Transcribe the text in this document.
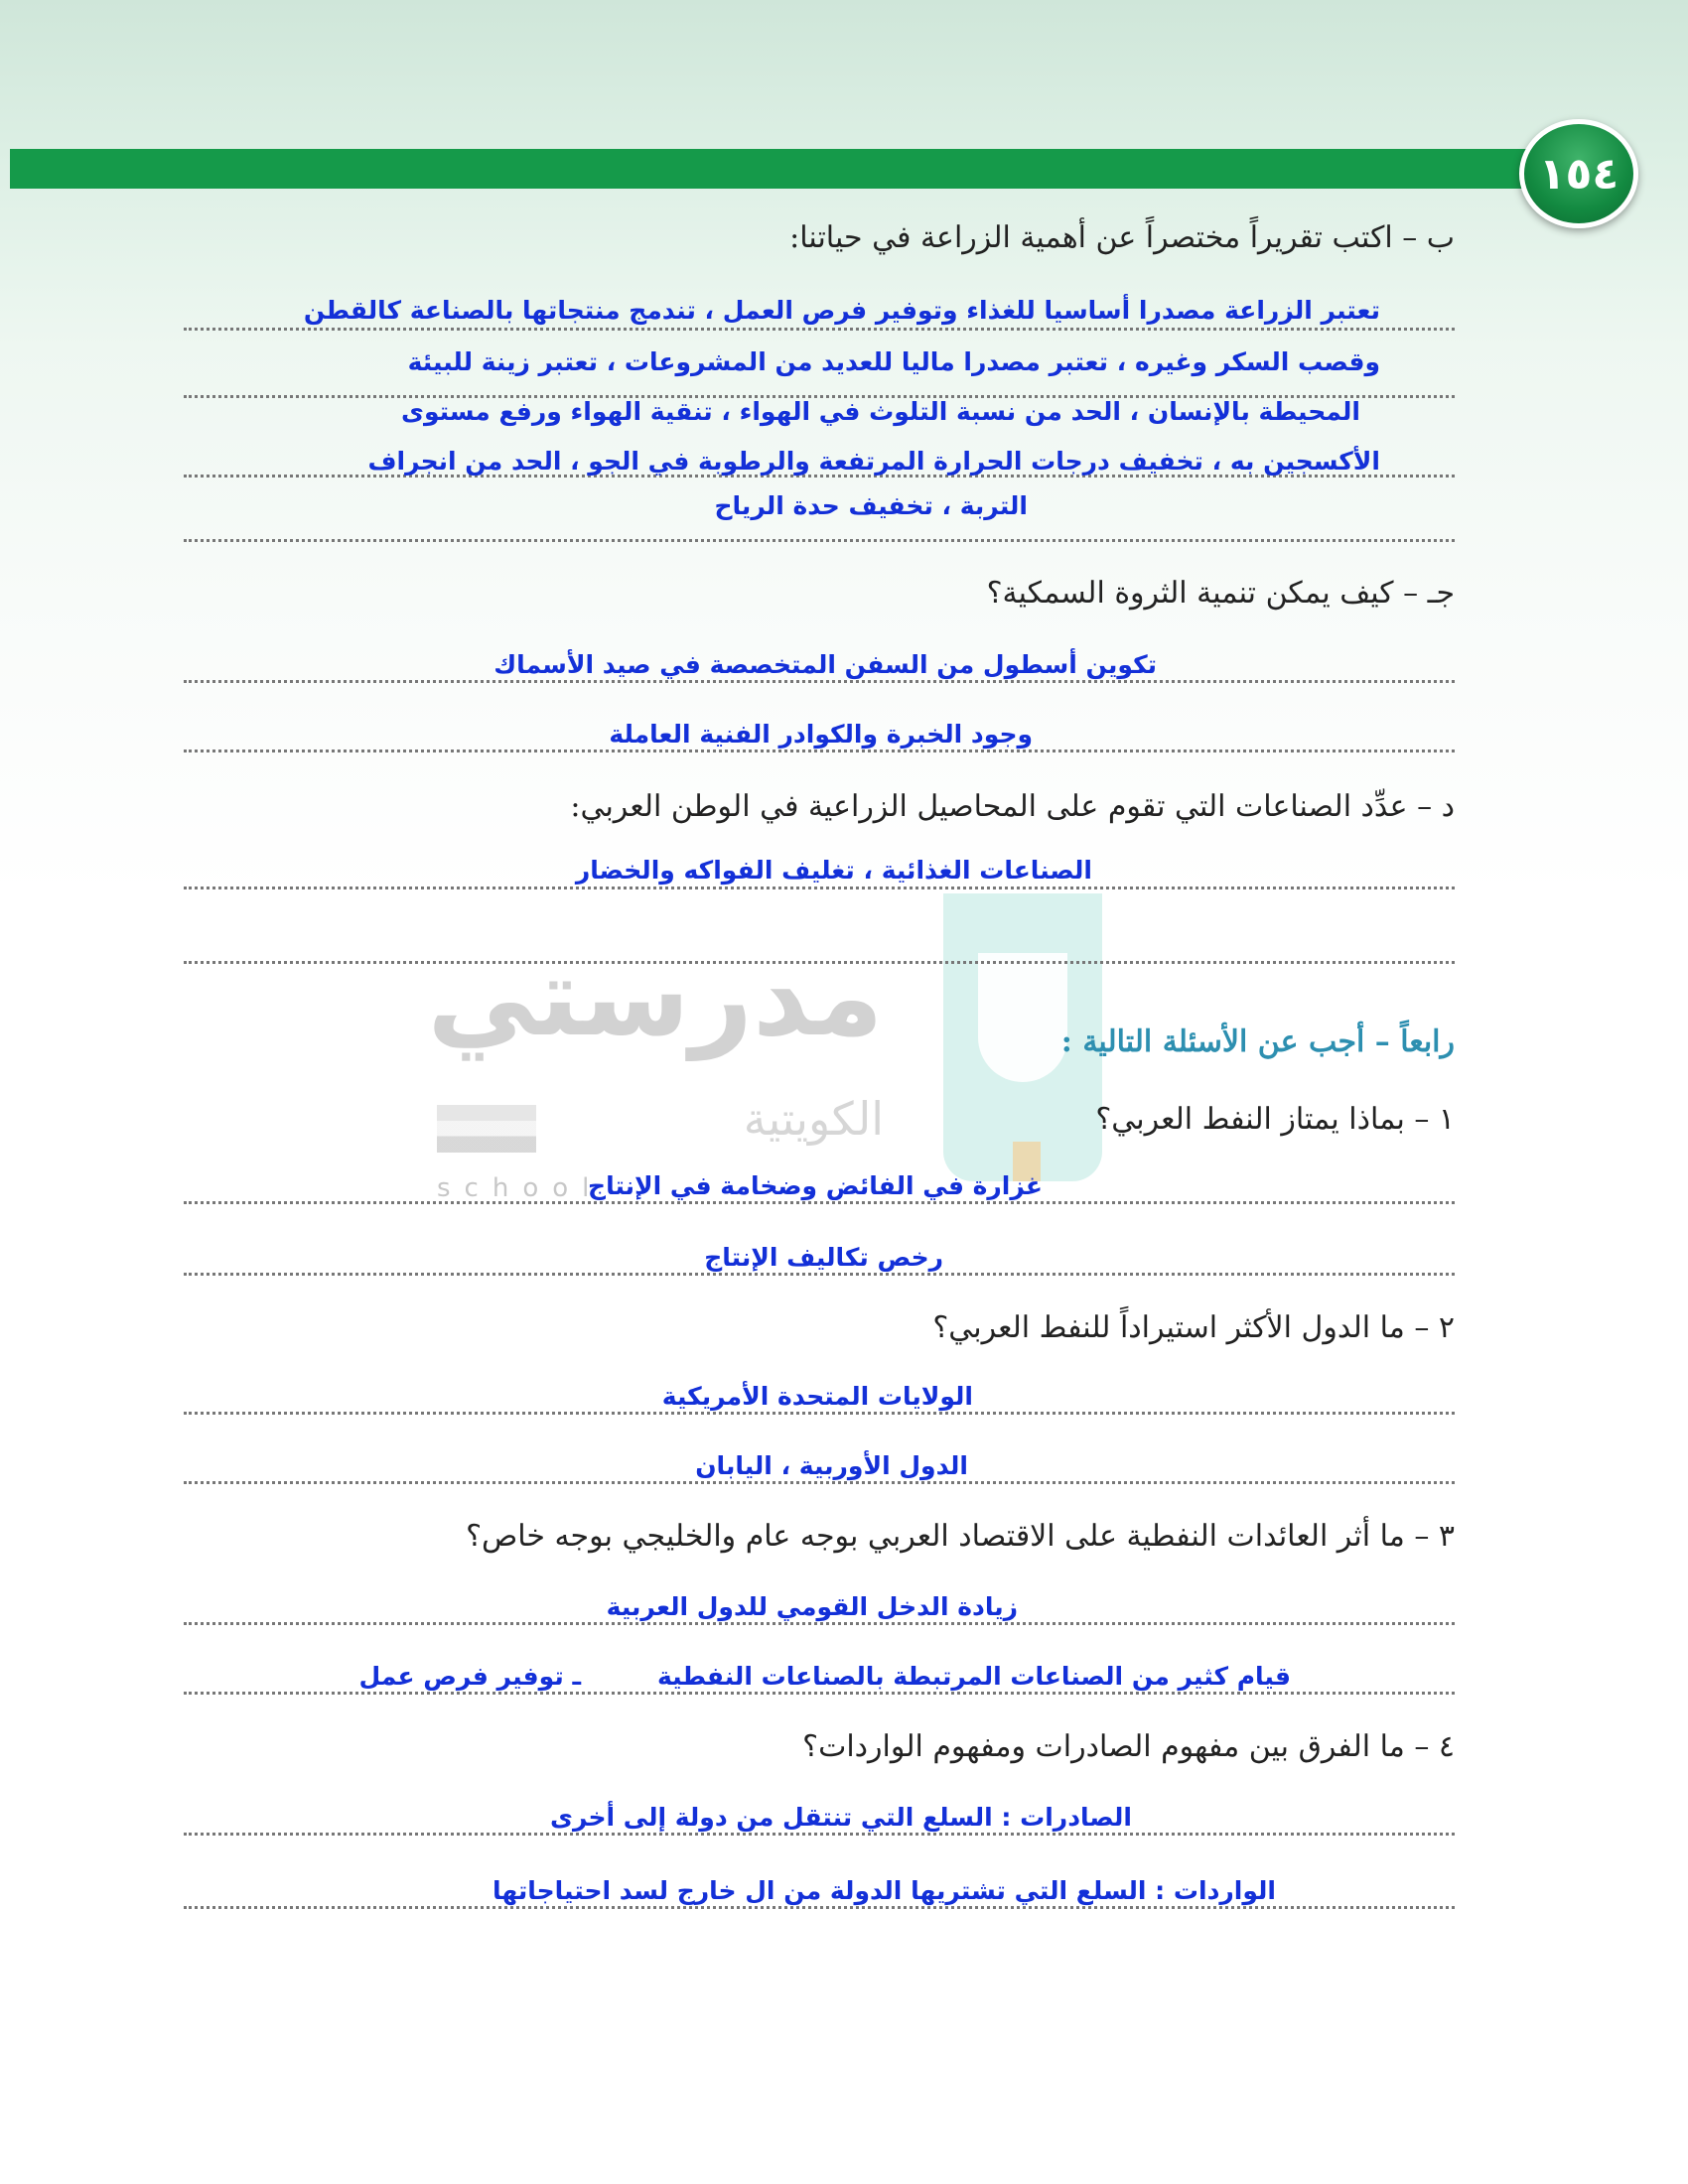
١٥٤
مدرستي
الكويتية
school
ب – اكتب تقريراً مختصراً عن أهمية الزراعة في حياتنا:
تعتبر الزراعة مصدرا أساسيا للغذاء وتوفير فرص العمل ، تندمج منتجاتها بالصناعة كالقطن
وقصب السكر وغيره ، تعتبر مصدرا ماليا للعديد من المشروعات ، تعتبر زينة للبيئة
المحيطة بالإنسان ، الحد من نسبة التلوث في الهواء ، تنقية الهواء ورفع مستوى
الأكسجين به ، تخفيف درجات الحرارة المرتفعة والرطوبة في الجو ، الحد من انجراف
التربة ، تخفيف حدة الرياح
جـ – كيف يمكن تنمية الثروة السمكية؟
تكوين أسطول من السفن المتخصصة في صيد الأسماك
وجود الخبرة والكوادر الفنية العاملة
د – عدِّد الصناعات التي تقوم على المحاصيل الزراعية في الوطن العربي:
الصناعات الغذائية ، تغليف الفواكه والخضار
رابعاً – أجب عن الأسئلة التالية :
١ – بماذا يمتاز النفط العربي؟
غزارة في الفائض وضخامة في الإنتاج
رخص تكاليف الإنتاج
٢ – ما الدول الأكثر استيراداً للنفط العربي؟
الولايات المتحدة الأمريكية
الدول الأوربية ، اليابان
٣ – ما أثر العائدات النفطية على الاقتصاد العربي بوجه عام والخليجي بوجه خاص؟
زيادة الدخل القومي للدول العربية
قيام كثير من الصناعات المرتبطة بالصناعات النفطية
ـ توفير فرص عمل
٤ – ما الفرق بين مفهوم الصادرات ومفهوم الواردات؟
الصادرات : السلع التي تنتقل من دولة إلى أخرى
الواردات : السلع التي تشتريها الدولة من ال خارج لسد احتياجاتها
